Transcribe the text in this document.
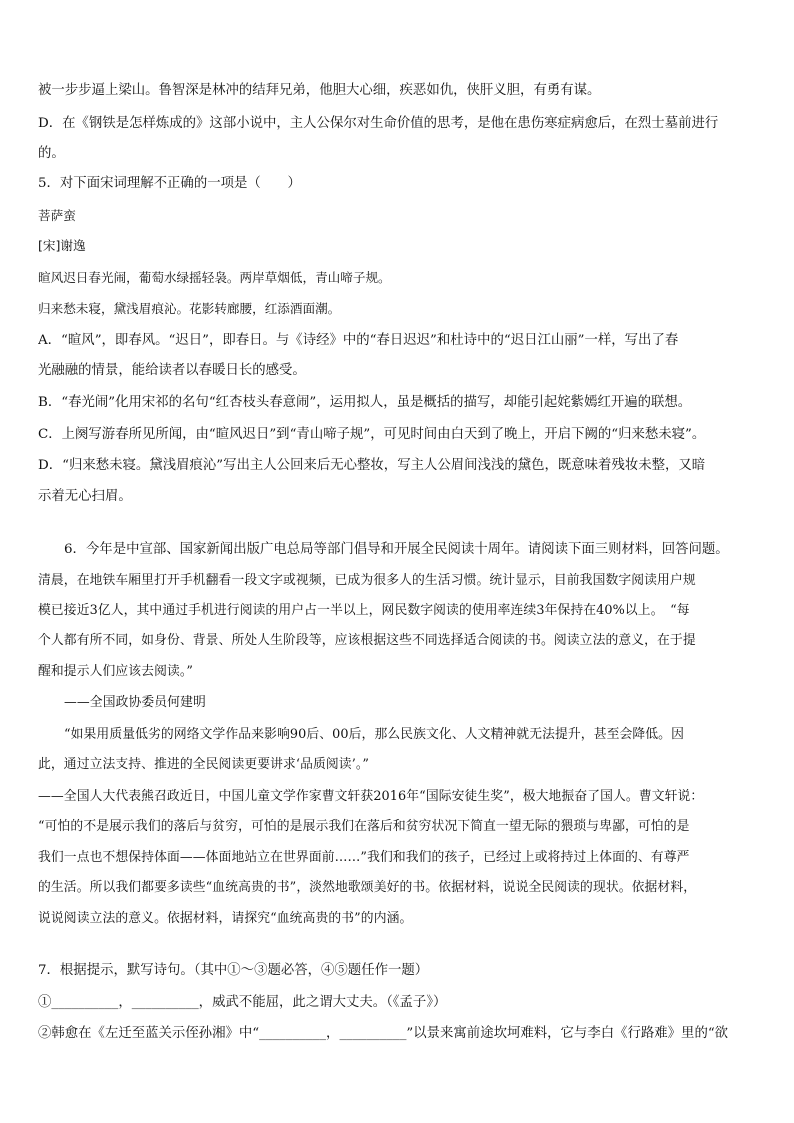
被一步步逼上梁山。鲁智深是林冲的结拜兄弟，他胆大心细，疾恶如仇，侠肝义胆，有勇有谋。
D．在《钢铁是怎样炼成的》这部小说中，主人公保尔对生命价值的思考，是他在患伤寒症病愈后，在烈士墓前进行
的。
5．对下面宋词理解不正确的一项是（　　）
菩萨蛮
[宋]谢逸
暄风迟日春光闹，葡萄水绿摇轻袅。两岸草烟低，青山啼子规。
归来愁未寝，黛浅眉痕沁。花影转廊腰，红添酒面潮。
A．“暄风”，即春风。“迟日”，即春日。与《诗经》中的“春日迟迟”和杜诗中的“迟日江山丽”一样，写出了春
光融融的情景，能给读者以春暖日长的感受。
B．“春光闹”化用宋祁的名句“红杏枝头春意闹”，运用拟人，虽是概括的描写，却能引起姹紫嫣红开遍的联想。
C．上阕写游春所见所闻，由“暄风迟日”到“青山啼子规”，可见时间由白天到了晚上，开启下阙的“归来愁未寝”。
D．“归来愁未寝。黛浅眉痕沁”写出主人公回来后无心整妆，写主人公眉间浅浅的黛色，既意味着残妆未整，又暗
示着无心扫眉。
6．今年是中宣部、国家新闻出版广电总局等部门倡导和开展全民阅读十周年。请阅读下面三则材料，回答问题。
清晨，在地铁车厢里打开手机翻看一段文字或视频，已成为很多人的生活习惯。统计显示，目前我国数字阅读用户规
模已接近3亿人，其中通过手机进行阅读的用户占一半以上，网民数字阅读的使用率连续3年保持在40%以上。　“每
个人都有所不同，如身份、背景、所处人生阶段等，应该根据这些不同选择适合阅读的书。阅读立法的意义，在于提
醒和提示人们应该去阅读。”
——全国政协委员何建明
“如果用质量低劣的网络文学作品来影响90后、00后，那么民族文化、人文精神就无法提升，甚至会降低。因
此，通过立法支持、推进的全民阅读更要讲求‘品质阅读’。”
——全国人大代表熊召政近日，中国儿童文学作家曹文轩获2016年“国际安徒生奖”，极大地振奋了国人。曹文轩说：
“可怕的不是展示我们的落后与贫穷，可怕的是展示我们在落后和贫穷状况下简直一望无际的猥琐与卑鄙，可怕的是
我们一点也不想保持体面——体面地站立在世界面前……”我们和我们的孩子，已经过上或将持过上体面的、有尊严
的生活。所以我们都要多读些“血统高贵的书”，淡然地歌颂美好的书。依据材料，说说全民阅读的现状。依据材料，
说说阅读立法的意义。依据材料，请探究“血统高贵的书”的内涵。
7．根据提示，默写诗句。（其中①～③题必答，④⑤题任作一题）
①__________，__________，威武不能屈，此之谓大丈夫。（《孟子》）
②韩愈在《左迁至蓝关示侄孙湘》中“__________，__________”以景来寓前途坎坷难料，它与李白《行路难》里的“欲
